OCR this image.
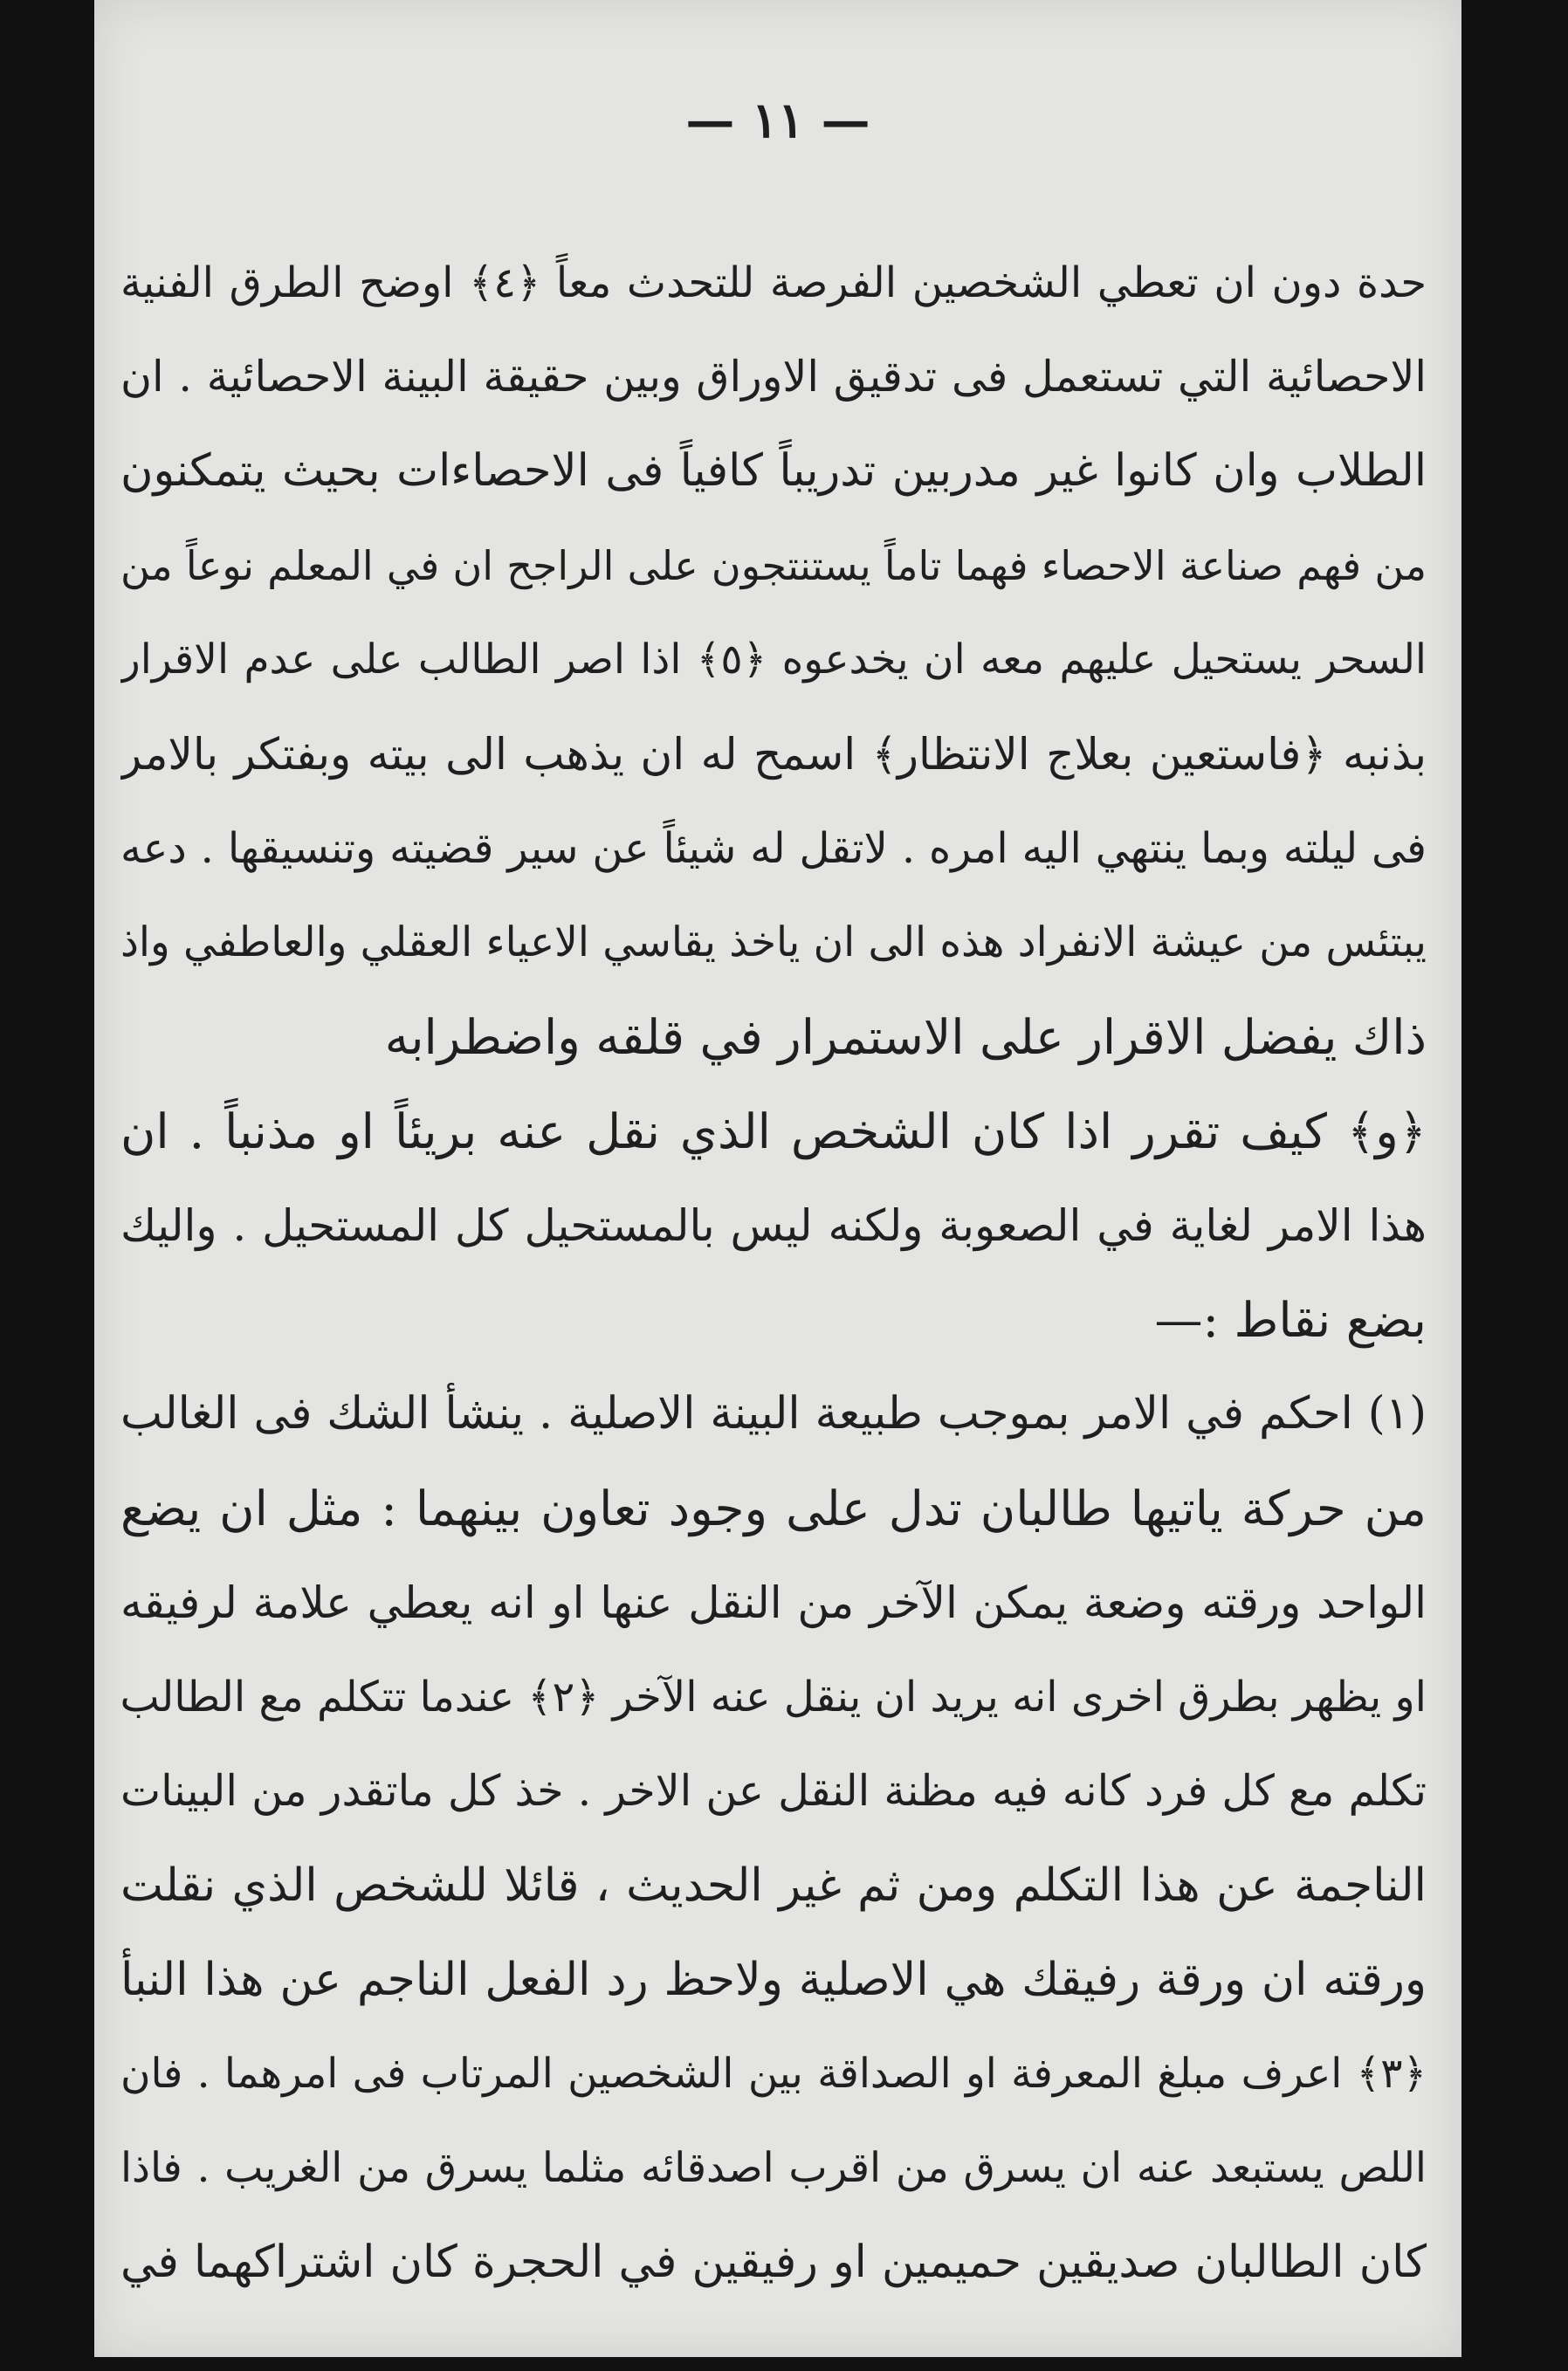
— ١١ —
حدة دون ان تعطي الشخصين الفرصة للتحدث معاً ﴿٤﴾ اوضح الطرق الفنية
الاحصائية التي تستعمل فى تدقيق الاوراق وبين حقيقة البينة الاحصائية . ان
الطلاب وان كانوا غير مدربين تدريباً كافياً فى الاحصاءات بحيث يتمكنون
من فهم صناعة الاحصاء فهما تاماً يستنتجون على الراجح ان في المعلم نوعاً من
السحر يستحيل عليهم معه ان يخدعوه ﴿٥﴾ اذا اصر الطالب على عدم الاقرار
بذنبه ﴿فاستعين بعلاج الانتظار﴾ اسمح له ان يذهب الى بيته وبفتكر بالامر
فى ليلته وبما ينتهي اليه امره . لاتقل له شيئاً عن سير قضيته وتنسيقها . دعه
يبتئس من عيشة الانفراد هذه الى ان ياخذ يقاسي الاعياء العقلي والعاطفي واذ
ذاك يفضل الاقرار على الاستمرار في قلقه واضطرابه
﴿و﴾ كيف تقرر اذا كان الشخص الذي نقل عنه بريئاً او مذنباً . ان
هذا الامر لغاية في الصعوبة ولكنه ليس بالمستحيل كل المستحيل . واليك
بضع نقاط :—
(١) احكم في الامر بموجب طبيعة البينة الاصلية . ينشأ الشك فى الغالب
من حركة ياتيها طالبان تدل على وجود تعاون بينهما : مثل ان يضع
الواحد ورقته وضعة يمكن الآخر من النقل عنها او انه يعطي علامة لرفيقه
او يظهر بطرق اخرى انه يريد ان ينقل عنه الآخر ﴿٢﴾ عندما تتكلم مع الطالب
تكلم مع كل فرد كانه فيه مظنة النقل عن الاخر . خذ كل ماتقدر من البينات
الناجمة عن هذا التكلم ومن ثم غير الحديث ، قائلا للشخص الذي نقلت
ورقته ان ورقة رفيقك هي الاصلية ولاحظ رد الفعل الناجم عن هذا النبأ
﴿٣﴾ اعرف مبلغ المعرفة او الصداقة بين الشخصين المرتاب فى امرهما . فان
اللص يستبعد عنه ان يسرق من اقرب اصدقائه مثلما يسرق من الغريب . فاذا
كان الطالبان صديقين حميمين او رفيقين في الحجرة كان اشتراكهما في
